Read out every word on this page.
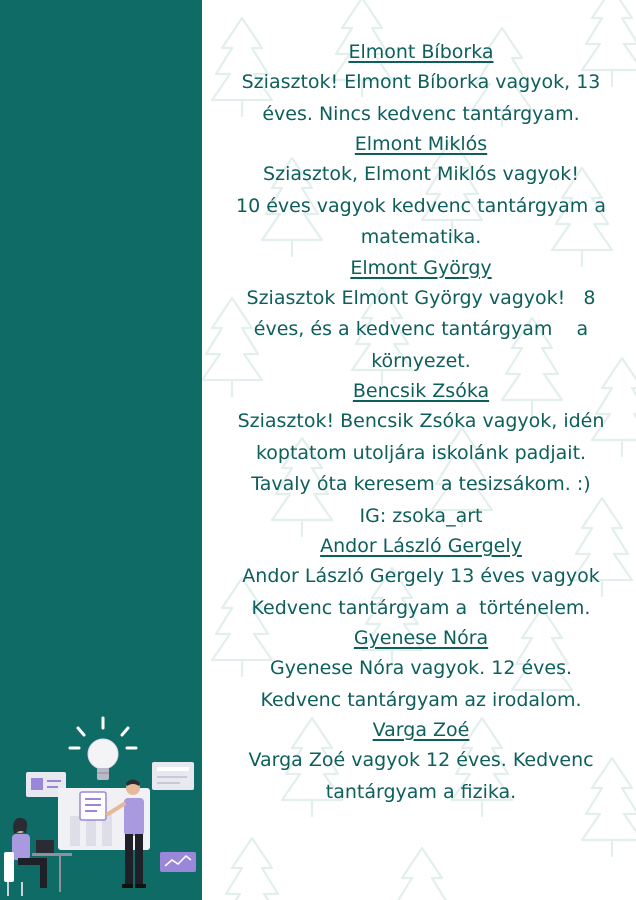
Elmont Bíborka
Sziasztok! Elmont Bíborka vagyok, 13
éves. Nincs kedvenc tantárgyam.
Elmont Miklós
Sziasztok, Elmont Miklós vagyok!
10 éves vagyok kedvenc tantárgyam a
matematika.
Elmont György
Sziasztok Elmont György vagyok!   8
éves, és a kedvenc tantárgyam    a
környezet.
Bencsik Zsóka
Sziasztok! Bencsik Zsóka vagyok, idén
koptatom utoljára iskolánk padjait.
Tavaly óta keresem a tesizsákom. :)
IG: zsoka_art
Andor László Gergely
Andor László Gergely 13 éves vagyok
Kedvenc tantárgyam a  történelem.
Gyenese Nóra
Gyenese Nóra vagyok. 12 éves.
Kedvenc tantárgyam az irodalom.
Varga Zoé
Varga Zoé vagyok 12 éves. Kedvenc
tantárgyam a fizika.
